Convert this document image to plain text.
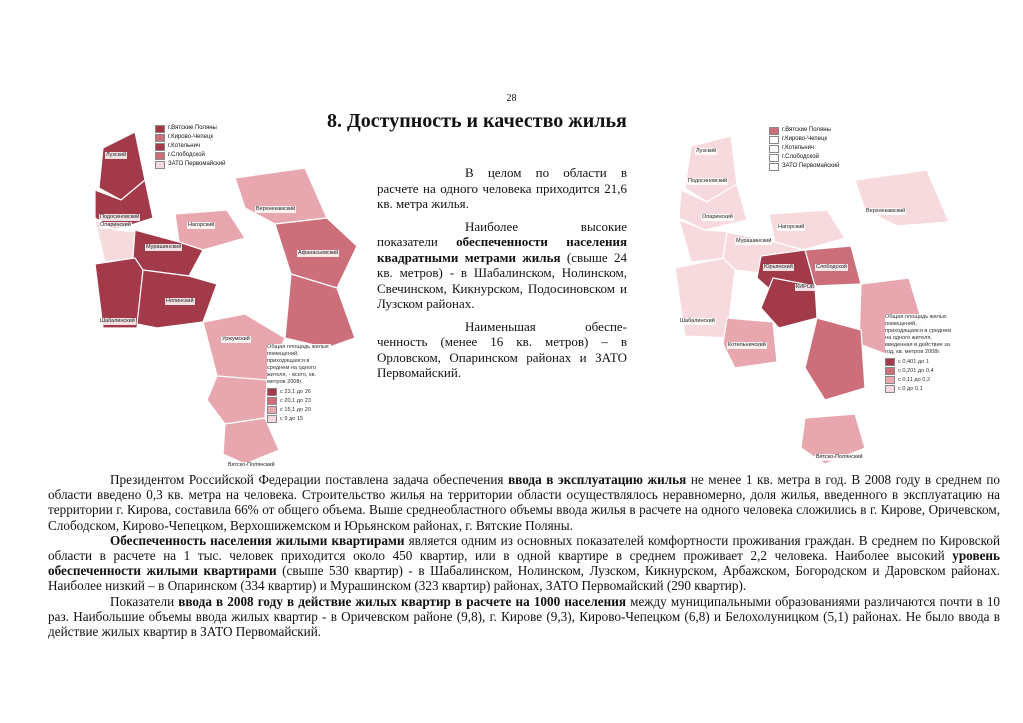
28
8. Доступность и качество жилья
г.Вятские Поляны
г.Кирово-Чепецк
г.Котельнич
г.Слободской
ЗАТО Первомайский
Общая площадь жилых помещений, приходящаяся в среднем на одного жителя, - всего, кв. метров 2008г.
с 23,1 до 26
с 20,1 до 23
с 15,1 до 20
с 9 до 15
Лузский
Подосиновский
Опаринский
Верхнекамский
Нагорский
Мурашинский
Афанасьевский
Шабалинский
Нолинский
Уржумский
Вятско-Полянский
г.Вятские Поляны
г.Кирово-Чепецк
г.Котельнич
г.Слободской
ЗАТО Первомайский
Общая площадь жилых помещений, приходящаяся в среднем на одного жителя, введенная в действие за год, кв. метров 2008г.
с 0,401 до 1
с 0,201 до 0,4
с 0,11 до 0,2
с 0 до 0,1
Лузский
Подосиновский
Опаринский
Верхнекамский
Нагорский
Мурашинский
Юрьянский	Слободской
КИРОВ
Шабалинский
Котельничский
Вятско-Полянский

В целом по области в расчете на одного человека приходится 21,6 кв. метра жилья.

Наиболее высокие показатели обеспеченности населения квадратными метрами жилья (свыше 24 кв. метров) - в Шабалинском, Нолинском, Свечинском, Кикнурском, Подосиновском и Лузском районах.

Наименьшая обеспе-ченность (менее 16 кв. метров) – в Орловском, Опаринском районах и ЗАТО Первомайский.

Президентом Российской Федерации поставлена задача обеспечения ввода в эксплуатацию жилья не менее 1 кв. метра в год. В 2008 году в среднем по области введено 0,3 кв. метра на человека. Строительство жилья на территории области осуществлялось неравномерно, доля жилья, введенного в эксплуатацию на территории г. Кирова, составила 66% от общего объема. Выше среднеобластного объемы ввода жилья в расчете на одного человека сложились в г. Кирове, Оричевском, Слободском, Кирово-Чепецком, Верхошижемском и Юрьянском районах, г. Вятские Поляны.

Обеспеченность населения жилыми квартирами является одним из основных показателей комфортности проживания граждан. В среднем по Кировской области в расчете на 1 тыс. человек приходится около 450 квартир, или в одной квартире в среднем проживает 2,2 человека. Наиболее высокий уровень обеспеченности жилыми квартирами (свыше 530 квартир) - в Шабалинском, Нолинском, Лузском, Кикнурском, Арбажском, Богородском и Даровском районах. Наиболее низкий – в Опаринском (334 квартир) и Мурашинском (323 квартир) районах, ЗАТО Первомайский (290 квартир).

Показатели ввода в 2008 году в действие жилых квартир в расчете на 1000 населения между муниципальными образованиями различаются почти в 10 раз. Наибольшие объемы ввода жилых квартир - в Оричевском районе (9,8), г. Кирове (9,3), Кирово-Чепецком (6,8) и Белохолуницком (5,1) районах. Не было ввода в действие жилых квартир в ЗАТО Первомайский.
